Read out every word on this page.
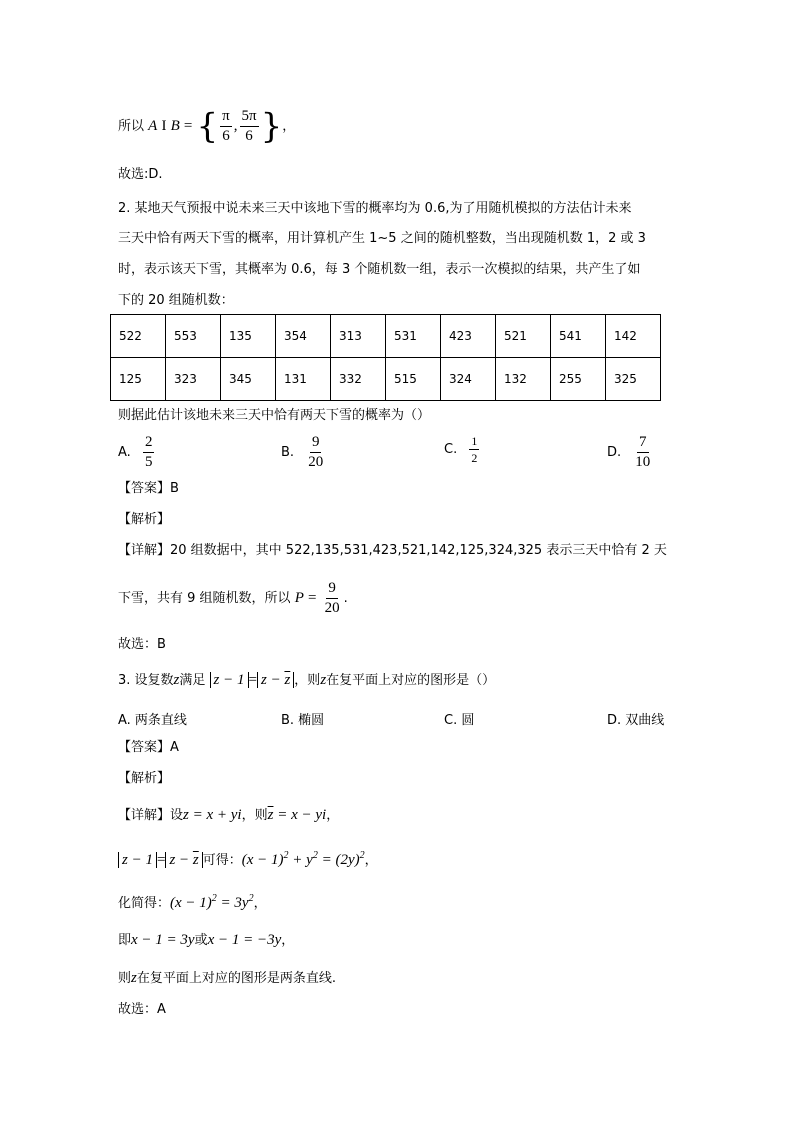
所以 A I B = { $\frac{\pi}{6}$ , $\frac{5\pi}{6}$ }，
故选:D.
2. 某地天气预报中说未来三天中该地下雪的概率均为 0.6,为了用随机模拟的方法估计未来
三天中恰有两天下雪的概率，用计算机产生 1~5 之间的随机整数，当出现随机数 1，2 或 3
时，表示该天下雪，其概率为 0.6，每 3 个随机数一组，表示一次模拟的结果，共产生了如
下的 20 组随机数：
522	553	135	354	313	531	423	521	541	142
125	323	345	131	332	515	324	132	255	325
则据此估计该地未来三天中恰有两天下雪的概率为（）
A. $\frac{2}{5}$	B. $\frac{9}{20}$	C. $\frac{1}{2}$	D. $\frac{7}{10}$
【答案】B
【解析】
【详解】20 组数据中，其中 522,135,531,423,521,142,125,324,325 表示三天中恰有 2 天
下雪，共有 9 组随机数，所以 $P = \frac{9}{20}$ .
故选：B
3. 设复数z满足 $z - 1 = z - \overline{z}$ ，则z在复平面上对应的图形是（）
A. 两条直线	B. 椭圆	C. 圆	D. 双曲线
【答案】A
【解析】
【详解】设z = x + yi，则$\overline{z} = x$ − yi，
$z - 1 = z - \overline{z}$ 可得：$(x - 1)^2 + y^2 = (2y)^2$，
化简得：$(x - 1)^2 = 3y^2$，
即x − 1 = 3y或x − 1 = −3y，
则z在复平面上对应的图形是两条直线.
故选：A
